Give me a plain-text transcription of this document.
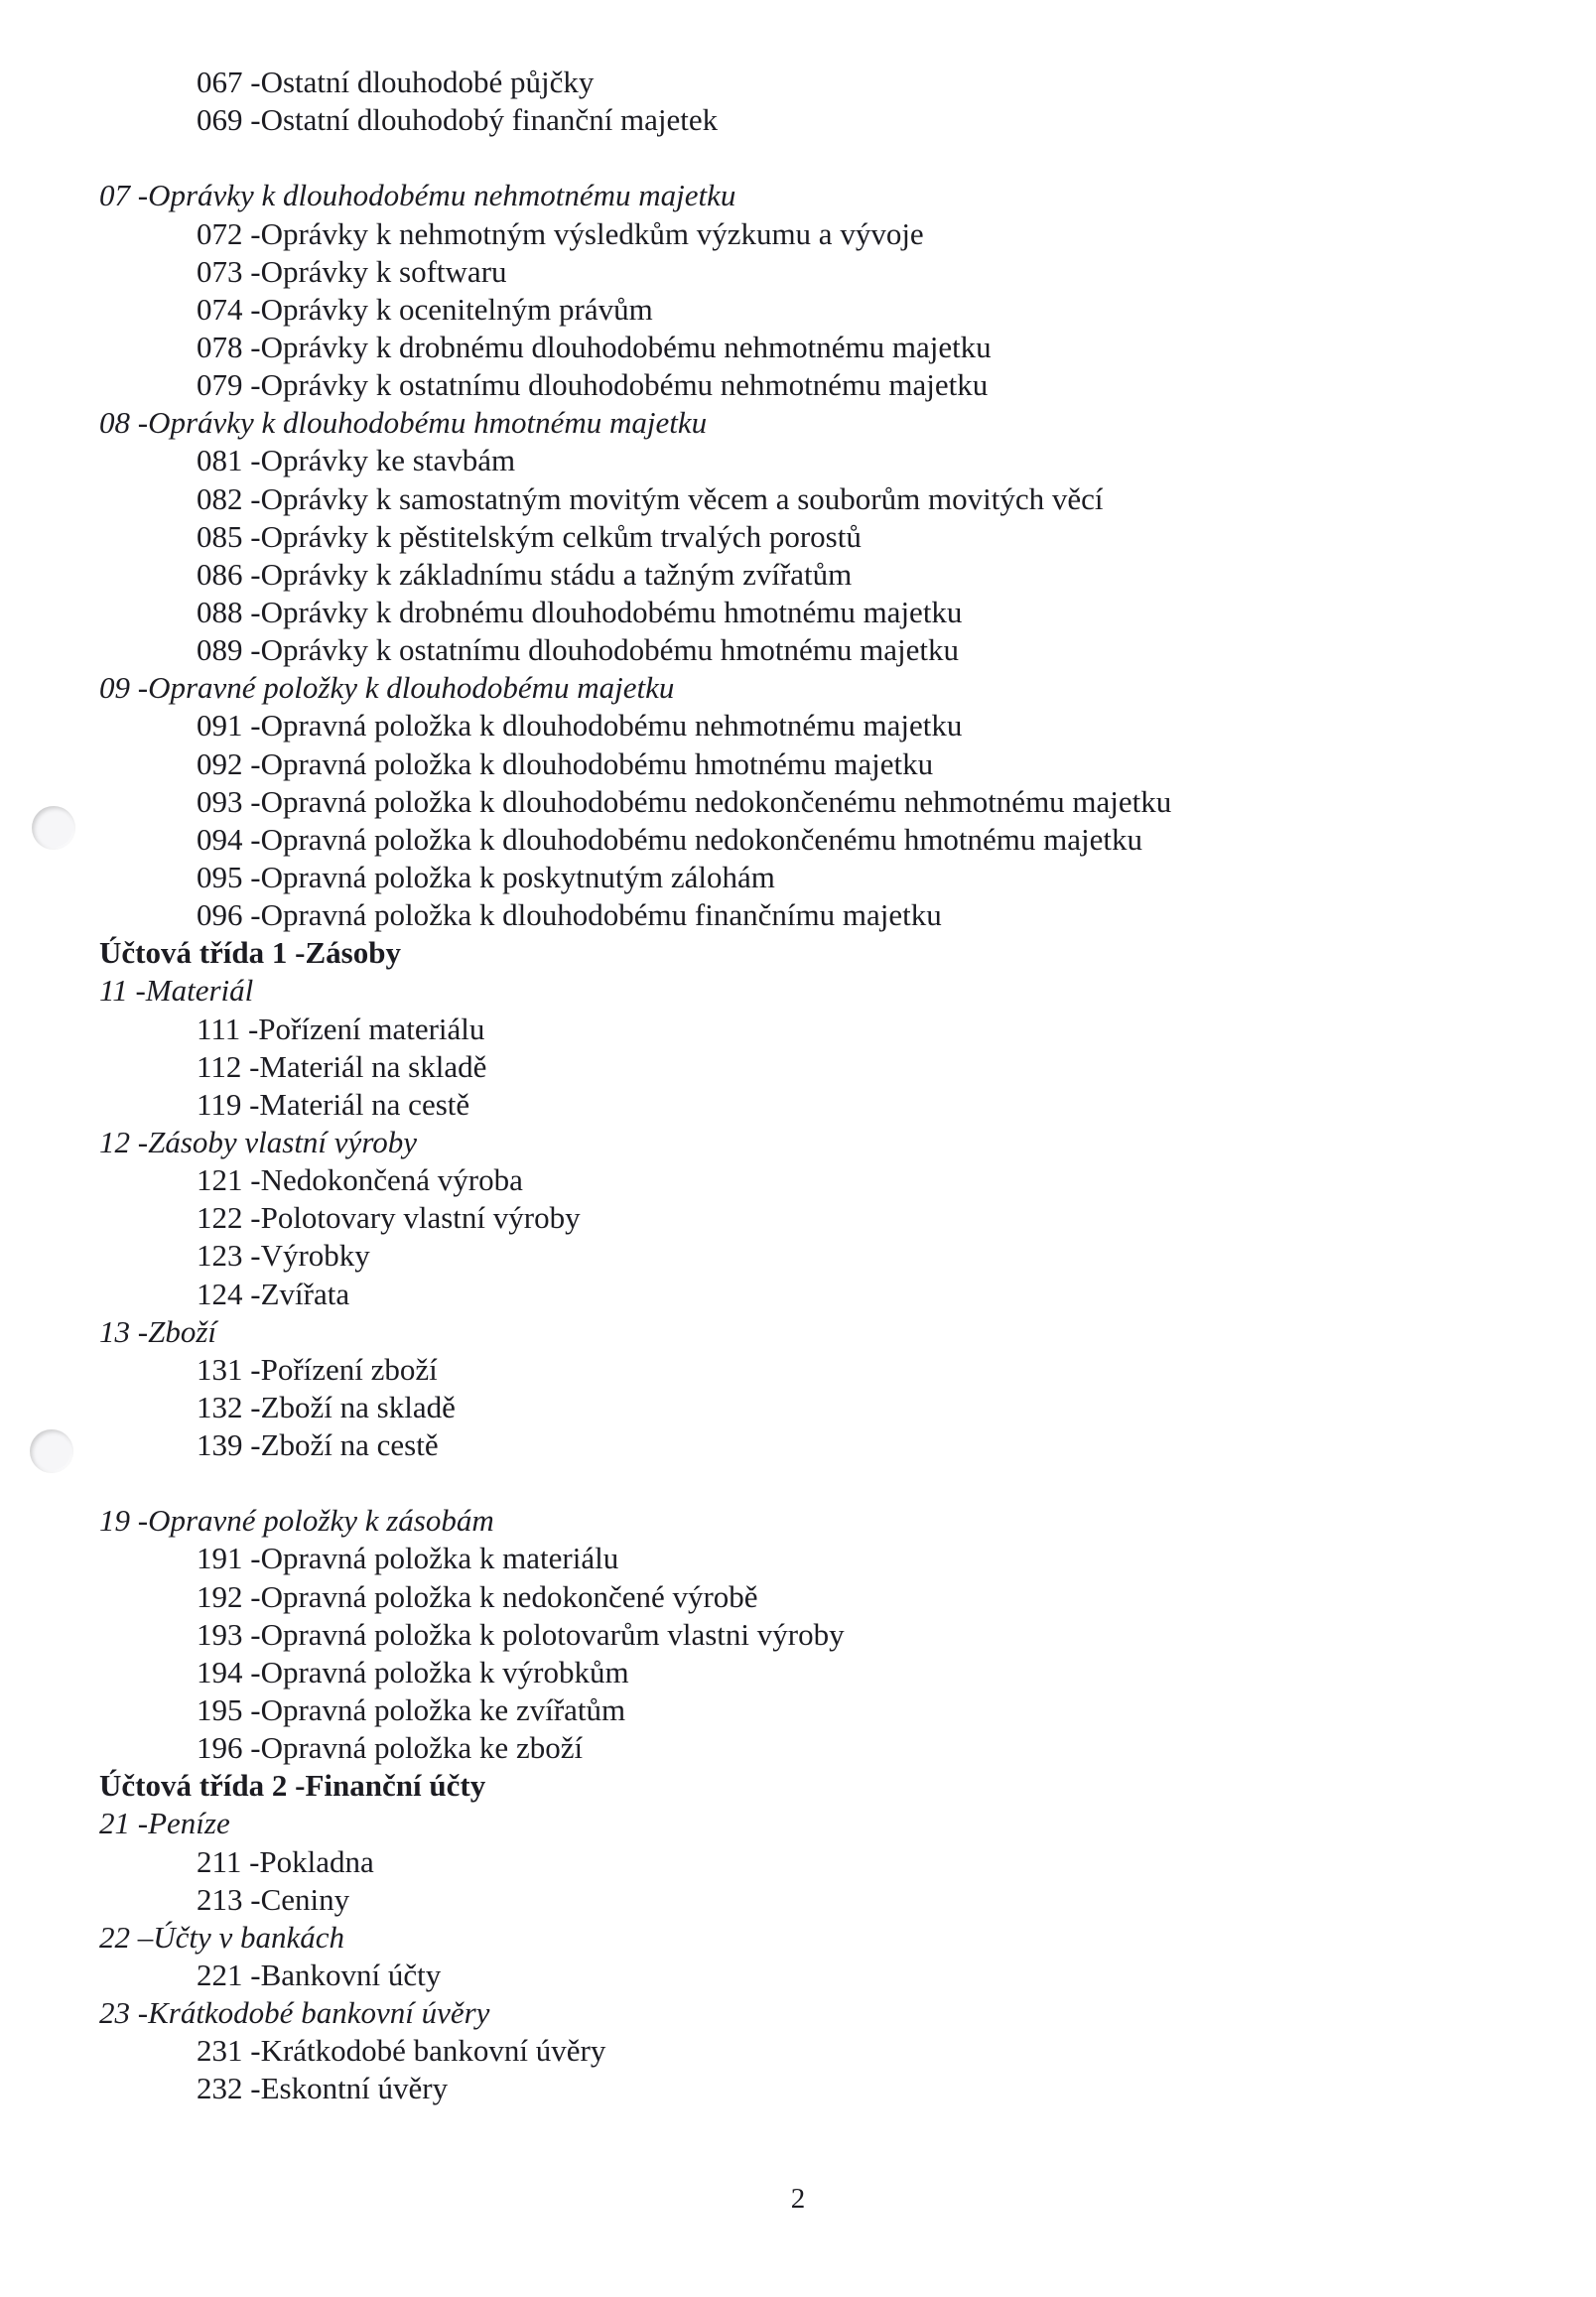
067 -Ostatní dlouhodobé půjčky
069 -Ostatní dlouhodobý finanční majetek
07 -Oprávky k dlouhodobému nehmotnému majetku
072 -Oprávky k nehmotným výsledkům výzkumu a vývoje
073 -Oprávky k softwaru
074 -Oprávky k ocenitelným právům
078 -Oprávky k drobnému dlouhodobému nehmotnému majetku
079 -Oprávky k ostatnímu dlouhodobému nehmotnému majetku
08 -Oprávky k dlouhodobému hmotnému majetku
081 -Oprávky ke stavbám
082 -Oprávky k samostatným movitým věcem a souborům movitých věcí
085 -Oprávky k pěstitelským celkům trvalých porostů
086 -Oprávky k základnímu stádu a tažným zvířatům
088 -Oprávky k drobnému dlouhodobému hmotnému majetku
089 -Oprávky k ostatnímu dlouhodobému hmotnému majetku
09 -Opravné položky k dlouhodobému majetku
091 -Opravná položka k dlouhodobému nehmotnému majetku
092 -Opravná položka k dlouhodobému hmotnému majetku
093 -Opravná položka k dlouhodobému nedokončenému nehmotnému majetku
094 -Opravná položka k dlouhodobému nedokončenému hmotnému majetku
095 -Opravná položka k poskytnutým zálohám
096 -Opravná položka k dlouhodobému finančnímu majetku
Účtová třída 1 -Zásoby
11 -Materiál
111 -Pořízení materiálu
112 -Materiál na skladě
119 -Materiál na cestě
12 -Zásoby vlastní výroby
121 -Nedokončená výroba
122 -Polotovary vlastní výroby
123 -Výrobky
124 -Zvířata
13 -Zboží
131 -Pořízení zboží
132 -Zboží na skladě
139 -Zboží na cestě
19 -Opravné položky k zásobám
191 -Opravná položka k materiálu
192 -Opravná položka k nedokončené výrobě
193 -Opravná položka k polotovarům vlastni výroby
194 -Opravná položka k výrobkům
195 -Opravná položka ke zvířatům
196 -Opravná položka ke zboží
Účtová třída 2 -Finanční účty
21 -Peníze
211 -Pokladna
213 -Ceniny
22 –Účty v bankách
221 -Bankovní účty
23 -Krátkodobé bankovní úvěry
231 -Krátkodobé bankovní úvěry
232 -Eskontní úvěry
2
